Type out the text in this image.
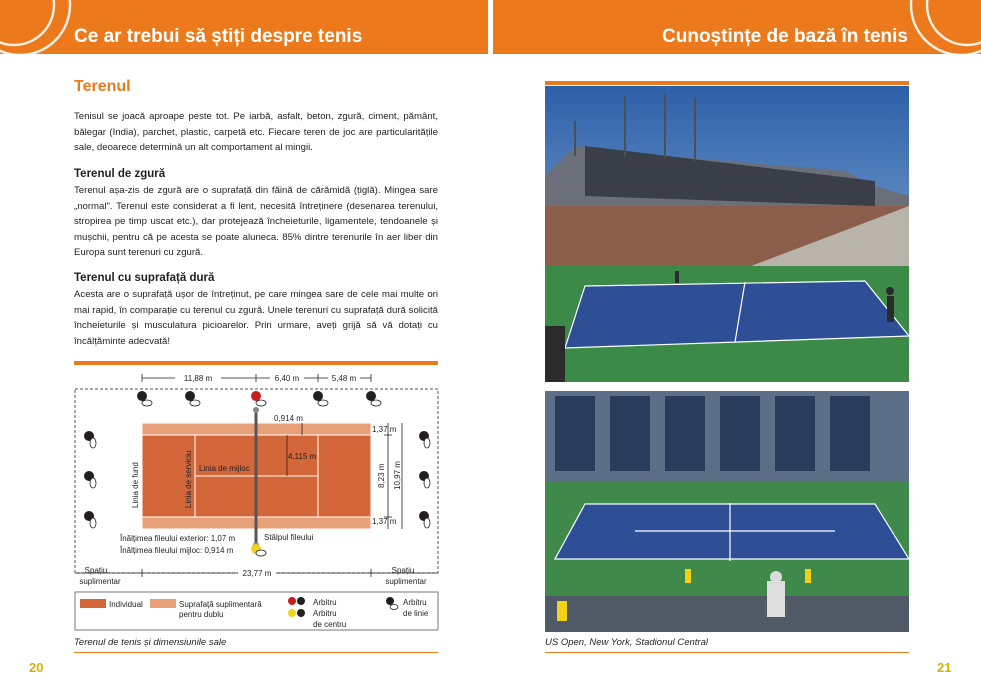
Ce ar trebui să știți despre tenis	Cunoștințe de bază în tenis
Terenul
Tenisul se joacă aproape peste tot. Pe iarbă, asfalt, beton, zgură, ciment, pământ, bălegar (India), parchet, plastic, carpetă etc. Fiecare teren de joc are particularitățile sale, deoarece determină un alt comportament al mingii.
Terenul de zgură
Terenul așa-zis de zgură are o suprafață din făină de cărămidă (țiglă). Mingea sare „normal". Terenul este considerat a fi lent, necesită întreținere (desenarea terenului, stropirea pe timp uscat etc.), dar protejează încheieturile, ligamentele, tendoanele și mușchii, pentru că pe acesta se poate aluneca. 85% dintre terenurile în aer liber din Europa sunt terenuri cu zgură.
Terenul cu suprafață dură
Acesta are o suprafață ușor de întreținut, pe care mingea sare de cele mai multe ori mai rapid, în comparație cu terenul cu zgură. Unele terenuri cu suprafață dură solicită încheieturile și musculatura picioarelor. Prin urmare, aveți grijă să vă dotați cu încălțăminte adecvată!
11,88 m	6,40 m	5,48 m
0,914 m
4,115 m
1,37 m
1,37 m
8,23 m 10,97 m
23,77 m
Linia de fund	Linia de serviciu Linia de mijloc
Stâlpul fileului
Înălțimea fileului exterior: 1,07 m
Înălțimea fileului mijloc: 0,914 m
Spațiu
suplimentar
Spațiu
suplimentar
Individual	Suprafață suplimentară
pentru dublu
Arbitru
Arbitru
de centru
Arbitru
de linie
Terenul de tenis și dimensiunile sale
20
US Open, New York, Stadionul Central
21
